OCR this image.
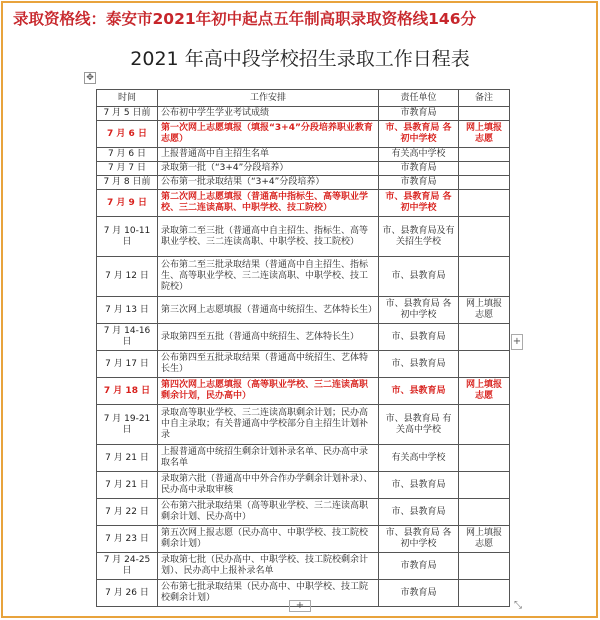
录取资格线：泰安市2021年初中起点五年制高职录取资格线146分
2021 年高中段学校招生录取工作日程表
✥
时间	工作安排	责任单位	备注
7 月 5 日前	公布初中学生学业考试成绩	市教育局	
7 月 6 日	第一次网上志愿填报（填报“3+4”分段培养职业教育志愿）	市、县教育局 各初中学校	网上填报志愿
7 月 6 日	上报普通高中自主招生名单	有关高中学校	
7 月 7 日	录取第一批（“3+4”分段培养）	市教育局	
7 月 8 日前	公布第一批录取结果（“3+4”分段培养）	市教育局	
7 月 9 日	第二次网上志愿填报（普通高中指标生、高等职业学校、三二连读高职、中职学校、技工院校）	市、县教育局 各初中学校	
7 月 10-11 日	录取第二至三批（普通高中自主招生、指标生、高等职业学校、三二连读高职、中职学校、技工院校）	市、县教育局及有关招生学校	
7 月 12 日	公布第二至三批录取结果（普通高中自主招生、指标生、高等职业学校、三二连读高职、中职学校、技工院校）	市、县教育局	
7 月 13 日	第三次网上志愿填报（普通高中统招生、艺体特长生）	市、县教育局 各初中学校	网上填报志愿
7 月 14-16 日	录取第四至五批（普通高中统招生、艺体特长生）	市、县教育局	
7 月 17 日	公布第四至五批录取结果（普通高中统招生、艺体特长生）	市、县教育局	
7 月 18 日	第四次网上志愿填报（高等职业学校、三二连读高职剩余计划，民办高中）	市、县教育局	网上填报志愿
7 月 19-21 日	录取高等职业学校、三二连读高职剩余计划；民办高中自主录取；有关普通高中学校部分自主招生计划补录	市、县教育局 有关高中学校	
7 月 21 日	上报普通高中统招生剩余计划补录名单、民办高中录取名单	有关高中学校	
7 月 21 日	录取第六批（普通高中中外合作办学剩余计划补录）、民办高中录取审核	市、县教育局	
7 月 22 日	公布第六批录取结果（高等职业学校、三二连读高职剩余计划、民办高中）	市、县教育局	
7 月 23 日	第五次网上报志愿（民办高中、中职学校、技工院校剩余计划）	市、县教育局 各初中学校	网上填报志愿
7 月 24-25 日	录取第七批（民办高中、中职学校、技工院校剩余计划）、民办高中上报补录名单	市教育局	
7 月 26 日	公布第七批录取结果（民办高中、中职学校、技工院校剩余计划）	市教育局	
+
+	⤡
